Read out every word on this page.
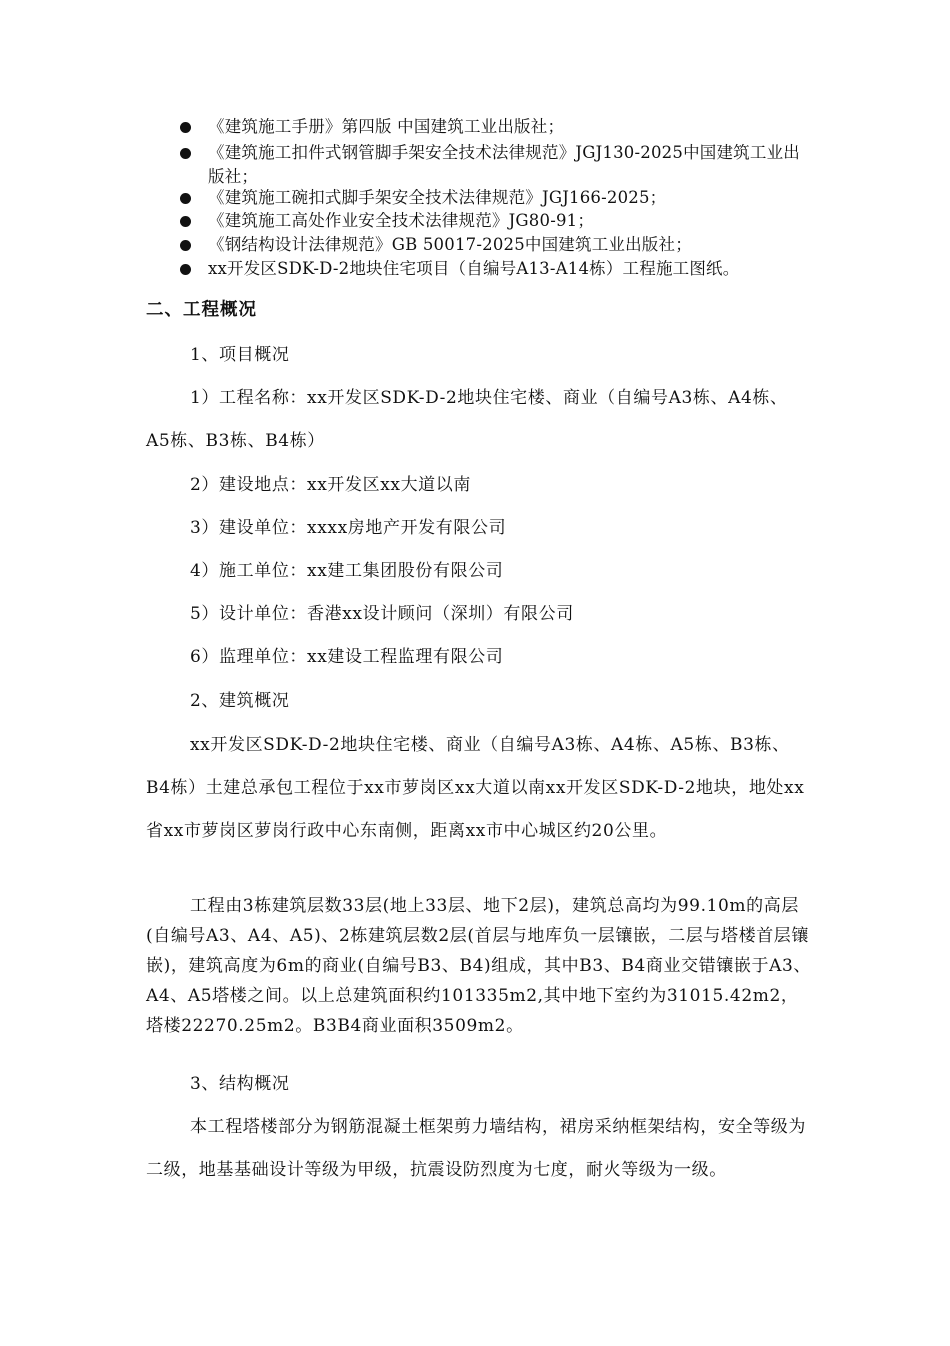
《建筑施工手册》第四版 中国建筑工业出版社；
《建筑施工扣件式钢管脚手架安全技术法律规范》JGJ130-2025中国建筑工业出版社；
《建筑施工碗扣式脚手架安全技术法律规范》JGJ166-2025；
《建筑施工高处作业安全技术法律规范》JG80-91；
《钢结构设计法律规范》GB 50017-2025中国建筑工业出版社；
xx开发区SDK-D-2地块住宅项目（自编号A13-A14栋）工程施工图纸。
二、工程概况
1、项目概况
1）工程名称：xx开发区SDK-D-2地块住宅楼、商业（自编号A3栋、A4栋、A5栋、B3栋、B4栋）
2）建设地点：xx开发区xx大道以南
3）建设单位：xxxx房地产开发有限公司
4）施工单位：xx建工集团股份有限公司
5）设计单位：香港xx设计顾问（深圳）有限公司
6）监理单位：xx建设工程监理有限公司
2、建筑概况
xx开发区SDK-D-2地块住宅楼、商业（自编号A3栋、A4栋、A5栋、B3栋、B4栋）土建总承包工程位于xx市萝岗区xx大道以南xx开发区SDK-D-2地块，地处xx省xx市萝岗区萝岗行政中心东南侧，距离xx市中心城区约20公里。
工程由3栋建筑层数33层(地上33层、地下2层)，建筑总高均为99.10m的高层(自编号A3、A4、A5)、2栋建筑层数2层(首层与地库负一层镶嵌，二层与塔楼首层镶嵌)，建筑高度为6m的商业(自编号B3、B4)组成，其中B3、B4商业交错镶嵌于A3、A4、A5塔楼之间。以上总建筑面积约101335m2,其中地下室约为31015.42m2，塔楼22270.25m2。B3B4商业面积3509m2。
3、结构概况
本工程塔楼部分为钢筋混凝土框架剪力墙结构，裙房采纳框架结构，安全等级为二级，地基基础设计等级为甲级，抗震设防烈度为七度，耐火等级为一级。
